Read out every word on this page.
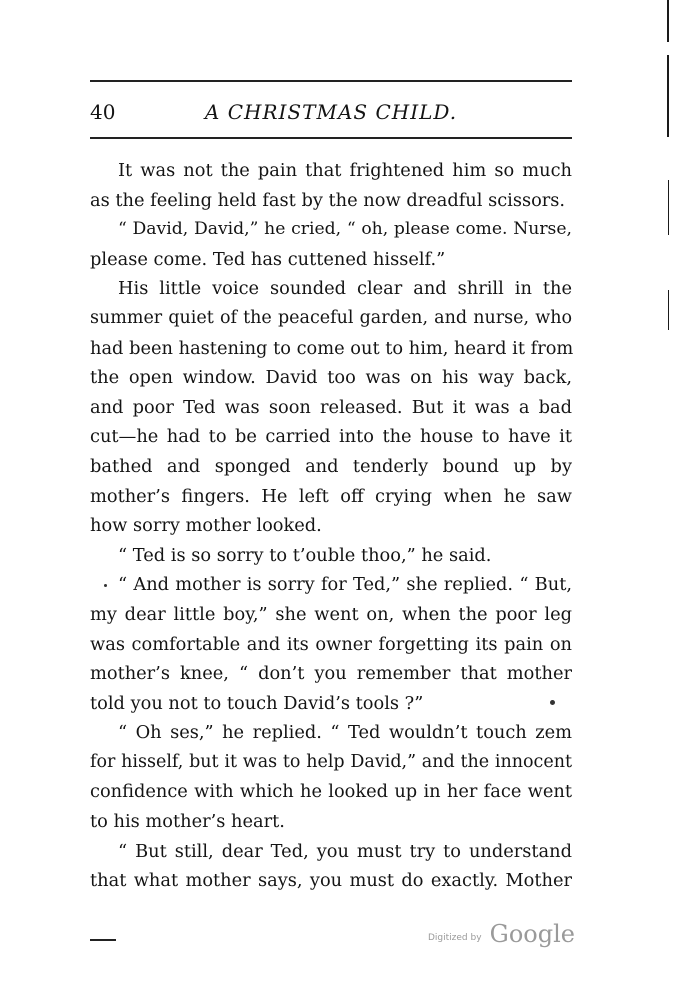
40	A CHRISTMAS CHILD.
It was not the pain that frightened him so much
as the feeling held fast by the now dreadful scissors.
“ David, David,” he cried, “ oh, please come. Nurse,
please come. Ted has cuttened hisself.”
His little voice sounded clear and shrill in the
summer quiet of the peaceful garden, and nurse, who
had been hastening to come out to him, heard it from
the open window. David too was on his way back,
and poor Ted was soon released. But it was a bad
cut—he had to be carried into the house to have it
bathed and sponged and tenderly bound up by
mother’s fingers. He left off crying when he saw
how sorry mother looked.
“ Ted is so sorry to t’ouble thoo,” he said.
“ And mother is sorry for Ted,” she replied. “ But,
my dear little boy,” she went on, when the poor leg
was comfortable and its owner forgetting its pain on
mother’s knee, “ don’t you remember that mother
told you not to touch David’s tools ?”
“ Oh ses,” he replied. “ Ted wouldn’t touch zem
for hisself, but it was to help David,” and the innocent
confidence with which he looked up in her face went
to his mother’s heart.
“ But still, dear Ted, you must try to understand
that what mother says, you must do exactly. Mother
Digitized by Google
